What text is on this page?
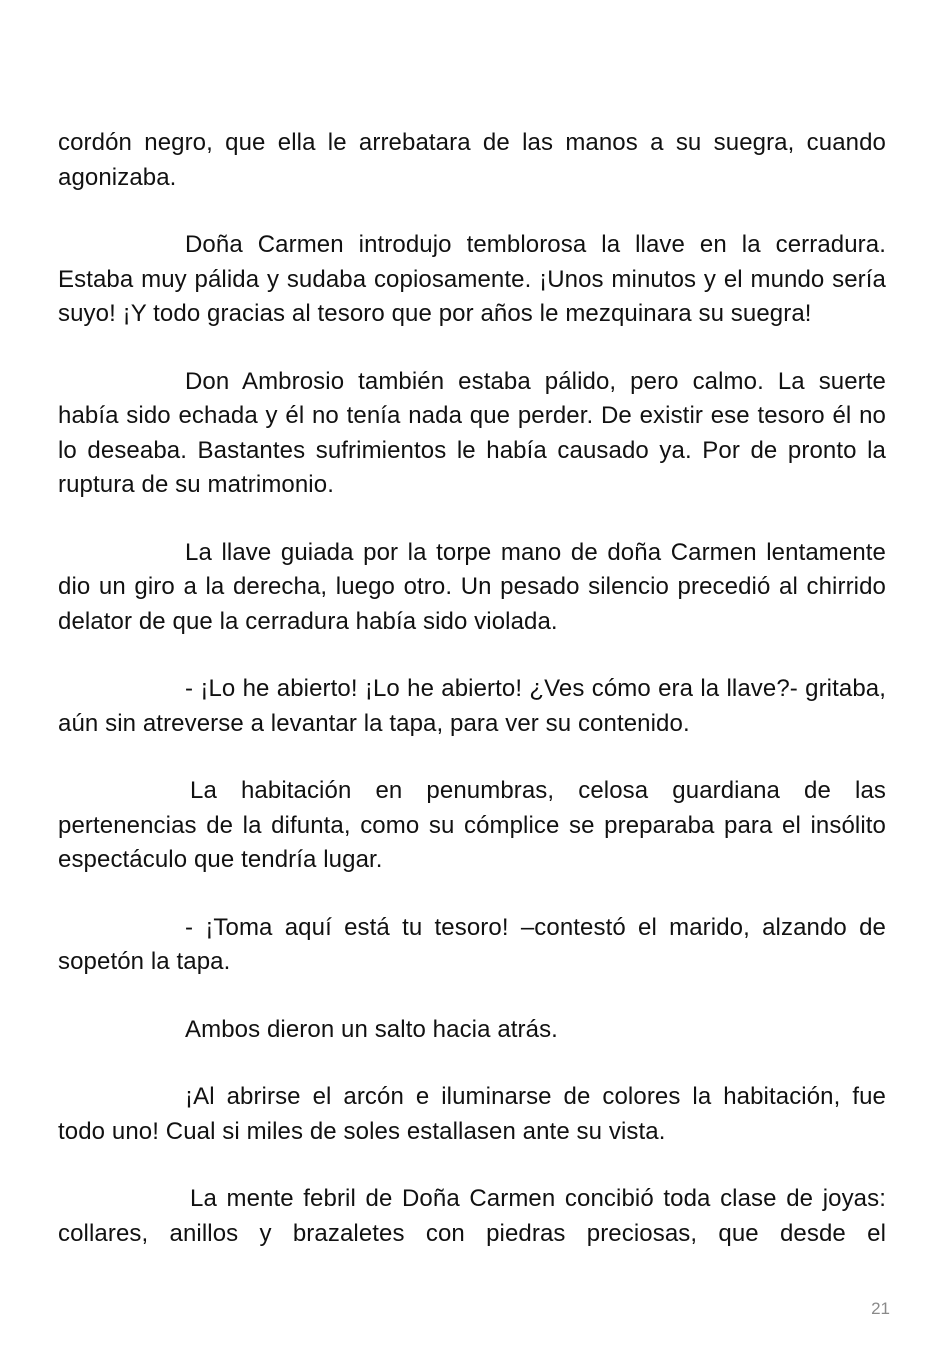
cordón negro, que ella le arrebatara de las manos a su suegra, cuando agonizaba.

Doña Carmen introdujo temblorosa la llave en la cerradura. Estaba muy pálida y sudaba copiosamente. ¡Unos minutos y el mundo sería suyo! ¡Y todo gracias al tesoro que por años le mezquinara su suegra!

Don Ambrosio también estaba pálido, pero calmo. La suerte había sido echada y él no tenía nada que perder. De existir ese tesoro él no lo deseaba. Bastantes sufrimientos le había causado ya. Por de pronto la ruptura de su matrimonio.

La llave guiada por la torpe mano de doña Carmen lentamente dio un giro a la derecha, luego otro. Un pesado silencio precedió al chirrido delator de que la cerradura había sido violada.

- ¡Lo he abierto! ¡Lo he abierto! ¿Ves cómo era la llave?- gritaba, aún sin atreverse a levantar la tapa, para ver su contenido.

La habitación en penumbras, celosa guardiana de las pertenencias de la difunta, como su cómplice se preparaba para el insólito espectáculo que tendría lugar.

- ¡Toma aquí está tu tesoro! –contestó el marido, alzando de sopetón la tapa.

Ambos dieron un salto hacia atrás.

¡Al abrirse el arcón e iluminarse de colores la habitación, fue todo uno! Cual si miles de soles estallasen ante su vista.

La mente febril de Doña Carmen concibió toda clase de joyas: collares, anillos y brazaletes con piedras preciosas, que desde el

21
